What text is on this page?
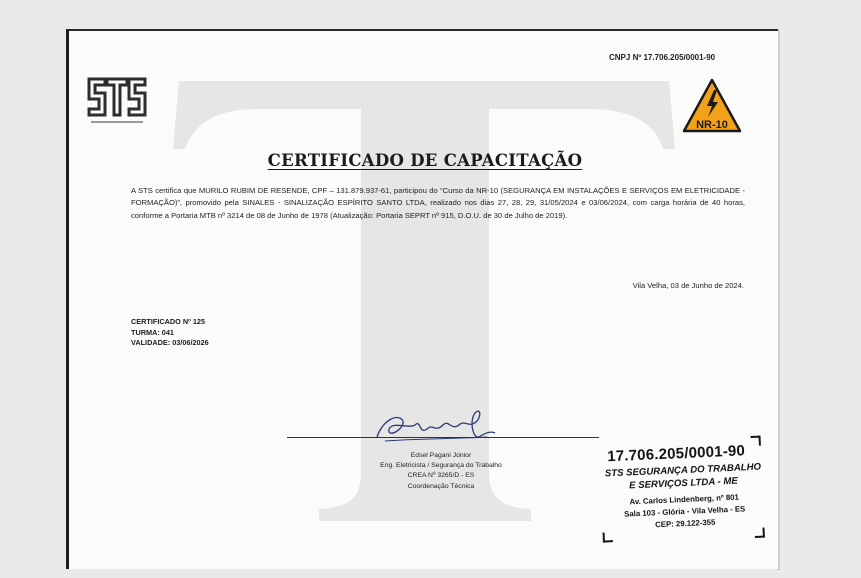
CNPJ Nº 17.706.205/0001-90
NR-10
CERTIFICADO DE CAPACITAÇÃO
A STS certifica que MURILO RUBIM DE RESENDE, CPF – 131.879.937-61, participou do “Curso da NR-10 (SEGURANÇA EM INSTALAÇÕES E SERVIÇOS EM ELETRICIDADE - FORMAÇÃO)”, promovido pela SINALES - SINALIZAÇÃO ESPÍRITO SANTO LTDA, realizado nos dias 27, 28, 29, 31/05/2024 e 03/06/2024, com carga horária de 40 horas, conforme a Portaria MTB nº 3214 de 08 de Junho de 1978 (Atualização: Portaria SEPRT nº 915, D.O.U. de 30 de Julho de 2019).
Vila Velha, 03 de Junho de 2024.
CERTIFICADO Nº 125
TURMA: 041
VALIDADE: 03/06/2026
Edsel Pagani Júnior
Eng. Eletricista / Segurança do Trabalho
CREA Nº 3265/D - ES
Coordenação Técnica
17.706.205/0001-90
STS SEGURANÇA DO TRABALHO
E SERVIÇOS LTDA - ME
Av. Carlos Lindenberg, nº 801
Sala 103 - Glória - Vila Velha - ES
CEP: 29.122-355
